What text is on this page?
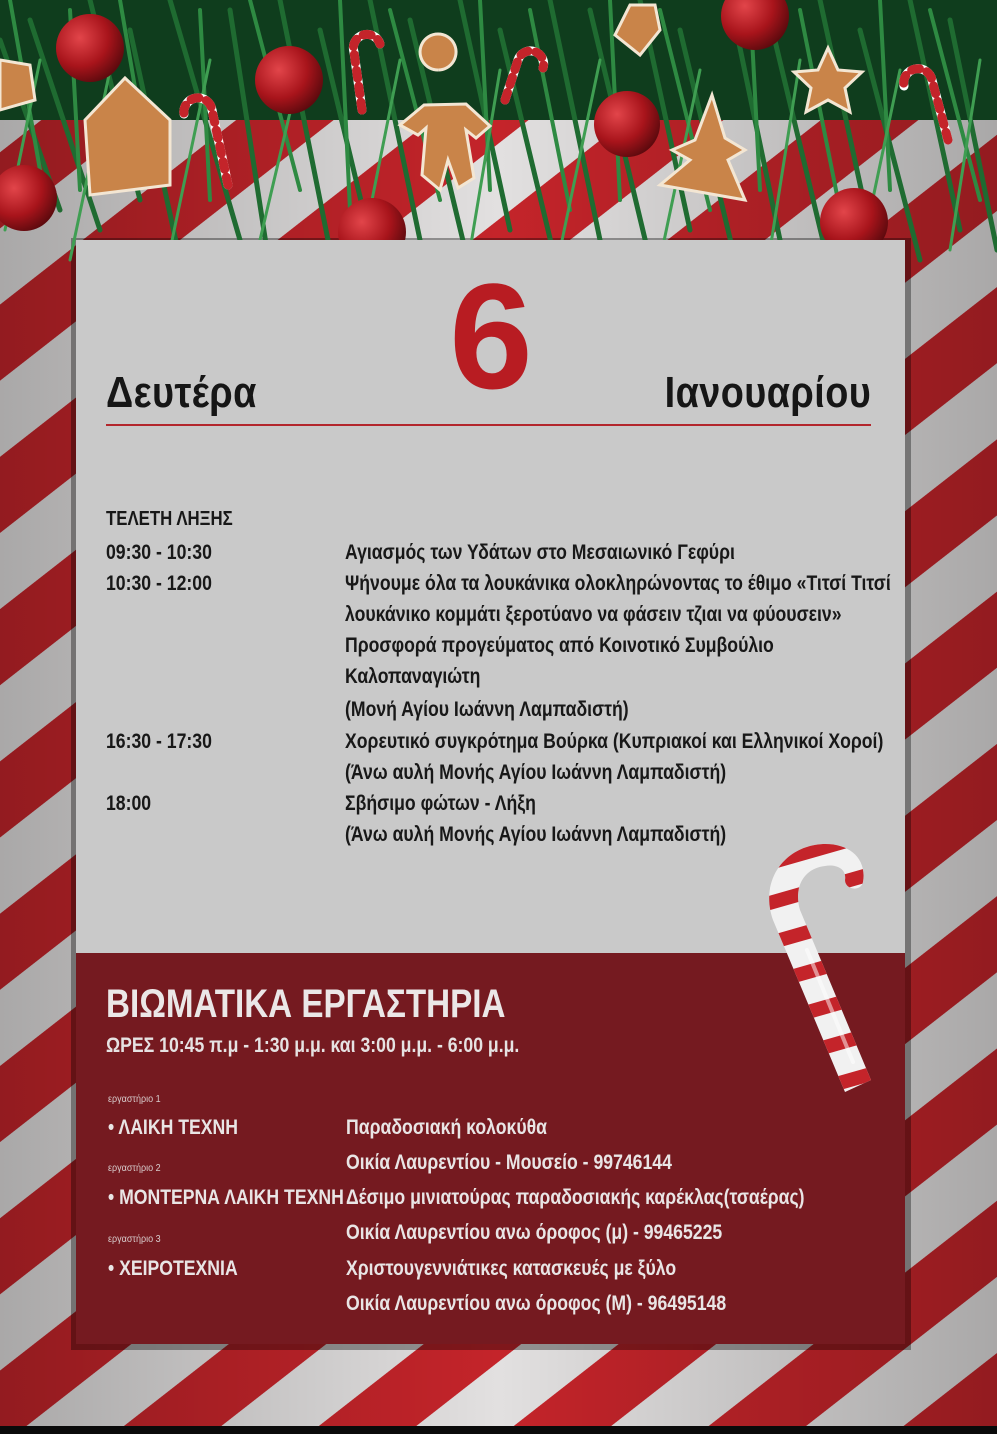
Δευτέρα 6	Ιανουαρίου
ΤΕΛΕΤΗ ΛΗΞΗΣ
09:30 - 10:30	Αγιασμός των Υδάτων στο Μεσαιωνικό Γεφύρι
10:30 - 12:00	Ψήνουμε όλα τα λουκάνικα ολοκληρώνοντας το έθιμο «Τιτσί Τιτσί
λουκάνικο κομμάτι ξεροτύανο να φάσειν τζιαι να φύουσειν»
Προσφορά προγεύματος από Κοινοτικό Συμβούλιο
Καλοπαναγιώτη
(Μονή Αγίου Ιωάννη Λαμπαδιστή)
16:30 - 17:30	Χορευτικό συγκρότημα Βούρκα (Κυπριακοί και Ελληνικοί Χοροί)
(Άνω αυλή Μονής Αγίου Ιωάννη Λαμπαδιστή)
18:00	Σβήσιμο φώτων - Λήξη
(Άνω αυλή Μονής Αγίου Ιωάννη Λαμπαδιστή)
ΒΙΩΜΑΤΙΚΑ ΕΡΓΑΣΤΗΡΙΑ
ΩΡΕΣ 10:45 π.μ - 1:30 μ.μ. και 3:00 μ.μ. - 6:00 μ.μ.
εργαστήριο 1
• ΛΑΙΚΗ ΤΕΧΝΗ	Παραδοσιακή κολοκύθα
Οικία Λαυρεντίου - Μουσείο - 99746144
εργαστήριο 2
• ΜΟΝΤΕΡΝΑ ΛΑΙΚΗ ΤΕΧΝΗ Δέσιμο μινιατούρας παραδοσιακής καρέκλας(τσαέρας)
Οικία Λαυρεντίου ανω όροφος (μ) - 99465225
εργαστήριο 3
• ΧΕΙΡΟΤΕΧΝΙΑ	Χριστουγεννιάτικες κατασκευές με ξύλο
Οικία Λαυρεντίου ανω όροφος (Μ) - 96495148
